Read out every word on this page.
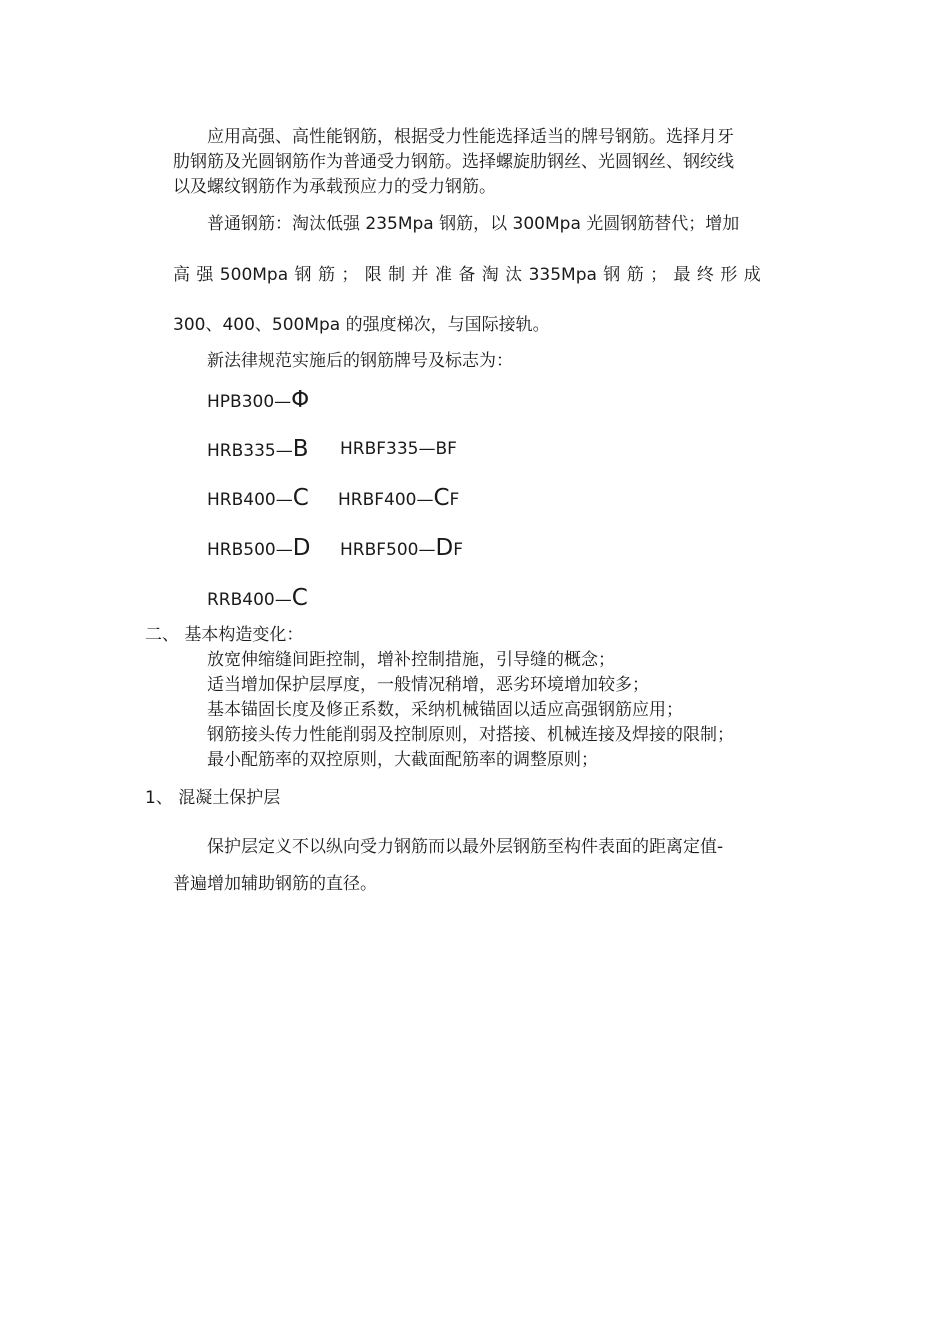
应用高强、高性能钢筋，根据受力性能选择适当的牌号钢筋。选择月牙
肋钢筋及光圆钢筋作为普通受力钢筋。选择螺旋肋钢丝、光圆钢丝、钢绞线
以及螺纹钢筋作为承载预应力的受力钢筋。
普通钢筋：淘汰低强 235Mpa 钢筋，以 300Mpa 光圆钢筋替代；增加
高 强 500Mpa 钢 筋 ； 限 制 并 准 备 淘 汰 335Mpa 钢 筋 ； 最 终 形 成
300、400、500Mpa 的强度梯次，与国际接轨。
新法律规范实施后的钢筋牌号及标志为：
HPB300—Φ
HRB335—B HRBF335—BF
HRB400—C HRBF400—CF
HRB500—D HRBF500—DF
RRB400—C
二、 基本构造变化：
放宽伸缩缝间距控制，增补控制措施，引导缝的概念；
适当增加保护层厚度，一般情况稍增，恶劣环境增加较多；
基本锚固长度及修正系数，采纳机械锚固以适应高强钢筋应用；
钢筋接头传力性能削弱及控制原则，对搭接、机械连接及焊接的限制；
最小配筋率的双控原则，大截面配筋率的调整原则；
1、 混凝土保护层
保护层定义不以纵向受力钢筋而以最外层钢筋至构件表面的距离定值-
普遍增加辅助钢筋的直径。
